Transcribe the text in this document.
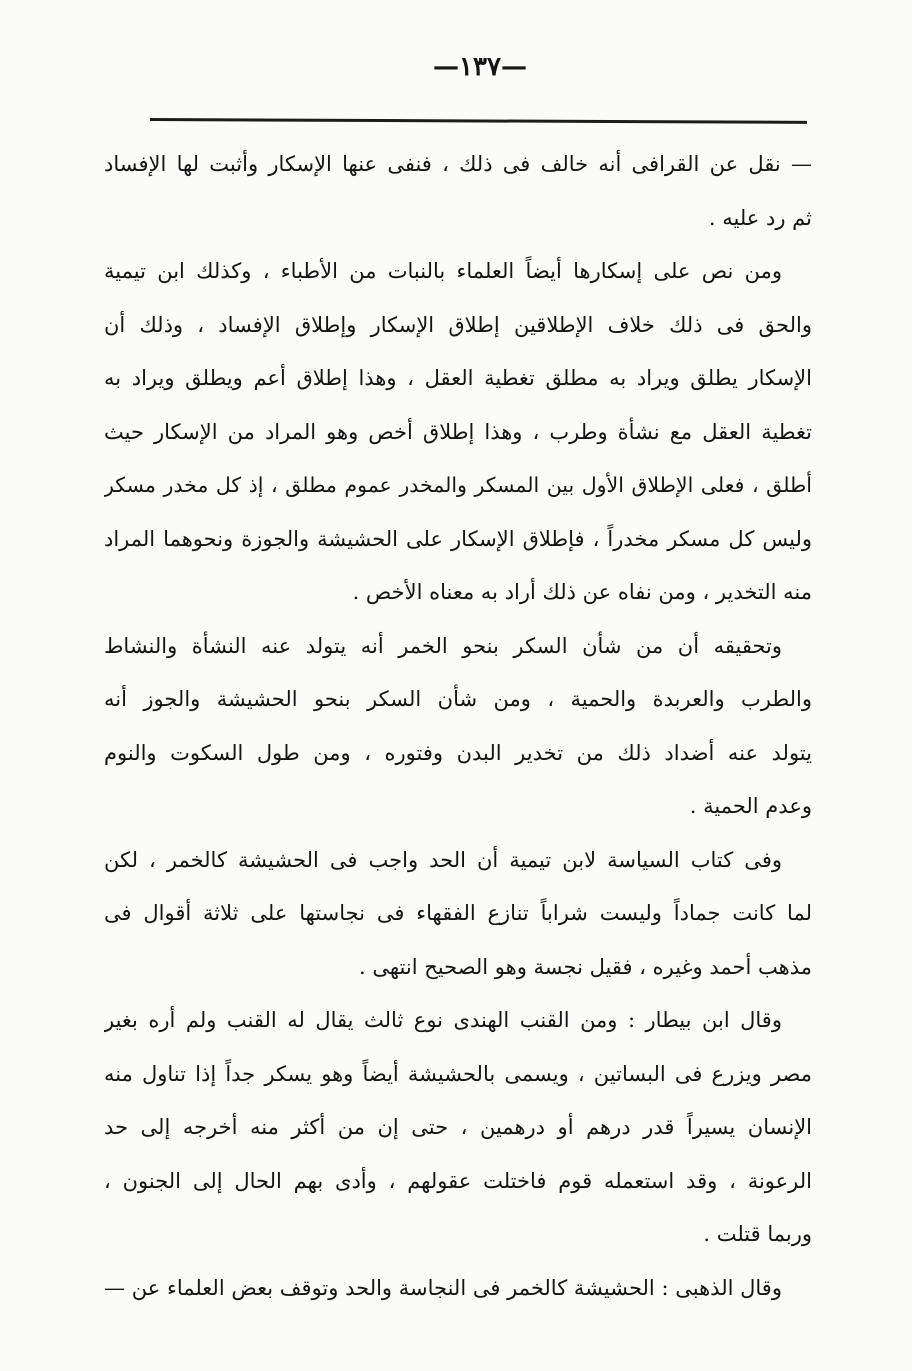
—١٣٧—
— نقل عن القرافى أنه خالف فى ذلك ، فنفى عنها الإسكار وأثبت لها الإفساد
ثم رد عليه .
ومن نص على إسكارها أيضاً العلماء بالنبات من الأطباء ، وكذلك ابن تيمية
والحق فى ذلك خلاف الإطلاقين إطلاق الإسكار وإطلاق الإفساد ، وذلك أن
الإسكار يطلق ويراد به مطلق تغطية العقل ، وهذا إطلاق أعم ويطلق ويراد به
تغطية العقل مع نشأة وطرب ، وهذا إطلاق أخص وهو المراد من الإسكار حيث
أطلق ، فعلى الإطلاق الأول بين المسكر والمخدر عموم مطلق ، إذ كل مخدر مسكر
وليس كل مسكر مخدراً ، فإطلاق الإسكار على الحشيشة والجوزة ونحوهما المراد
منه التخدير ، ومن نفاه عن ذلك أراد به معناه الأخص .
وتحقيقه أن من شأن السكر بنحو الخمر أنه يتولد عنه النشأة والنشاط
والطرب والعربدة والحمية ، ومن شأن السكر بنحو الحشيشة والجوز أنه
يتولد عنه أضداد ذلك من تخدير البدن وفتوره ، ومن طول السكوت والنوم
وعدم الحمية .
وفى كتاب السياسة لابن تيمية أن الحد واجب فى الحشيشة كالخمر ، لكن
لما كانت جماداً وليست شراباً تنازع الفقهاء فى نجاستها على ثلاثة أقوال فى
مذهب أحمد وغيره ، فقيل نجسة وهو الصحيح انتهى .
وقال ابن بيطار : ومن القنب الهندى نوع ثالث يقال له القنب ولم أره بغير
مصر ويزرع فى البساتين ، ويسمى بالحشيشة أيضاً وهو يسكر جداً إذا تناول منه
الإنسان يسيراً قدر درهم أو درهمين ، حتى إن من أكثر منه أخرجه إلى حد
الرعونة ، وقد استعمله قوم فاختلت عقولهم ، وأدى بهم الحال إلى الجنون ،
وربما قتلت .
وقال الذهبى : الحشيشة كالخمر فى النجاسة والحد وتوقف بعض العلماء عن —
